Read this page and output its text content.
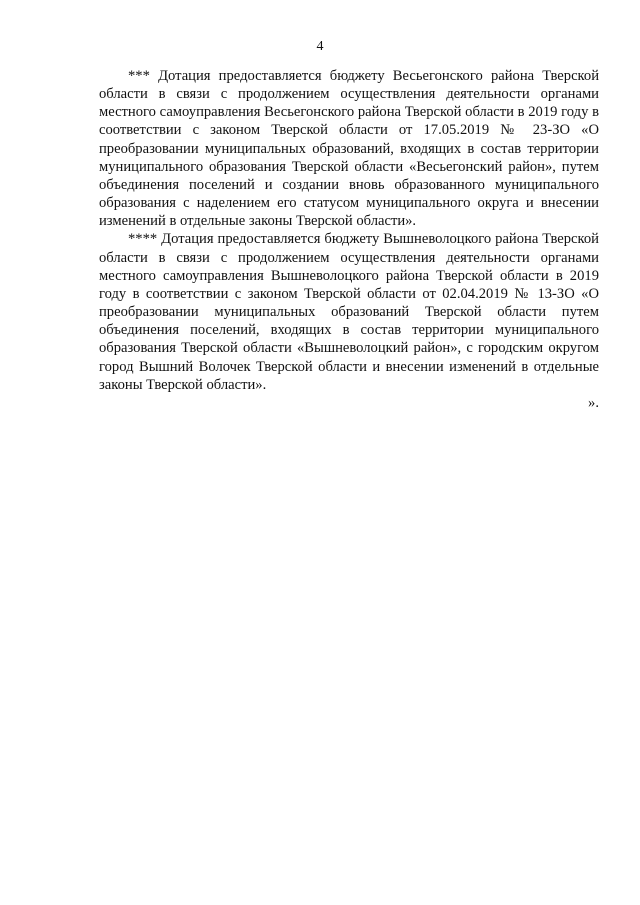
4

*** Дотация предоставляется бюджету Весьегонского района Тверской области в связи с продолжением осуществления деятельности органами местного самоуправления Весьегонского района Тверской области в 2019 году в соответствии с законом Тверской области от 17.05.2019 № 23-ЗО «О преобразовании муниципальных образований, входящих в состав территории муниципального образования Тверской области «Весьегонский район», путем объединения поселений и создании вновь образованного муниципального образования с наделением его статусом муниципального округа и внесении изменений в отдельные законы Тверской области».

**** Дотация предоставляется бюджету Вышневолоцкого района Тверской области в связи с продолжением осуществления деятельности органами местного самоуправления Вышневолоцкого района Тверской области в 2019 году в соответствии с законом Тверской области от 02.04.2019 № 13-ЗО «О преобразовании муниципальных образований Тверской области путем объединения поселений, входящих в состав территории муниципального образования Тверской области «Вышневолоцкий район», с городским округом город Вышний Волочек Тверской области и внесении изменений в отдельные законы Тверской области».

».
